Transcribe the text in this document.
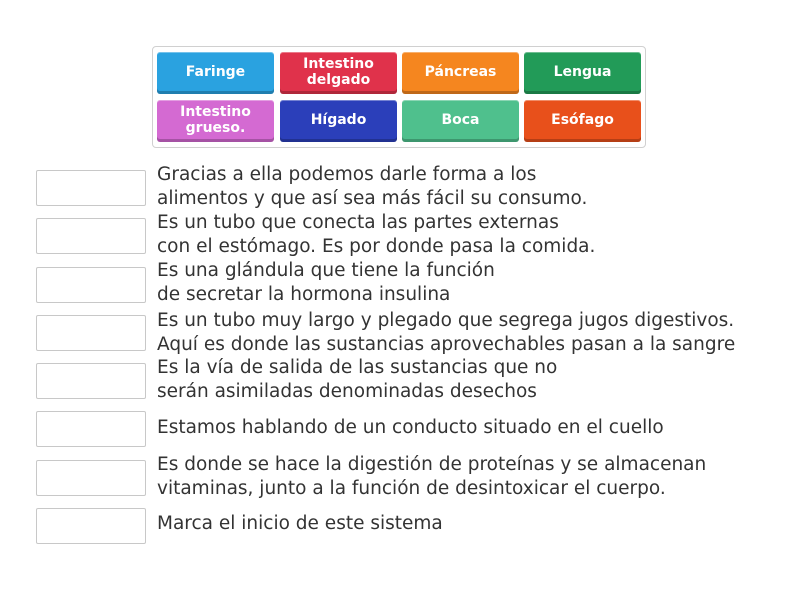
Faringe	Intestino
delgado	Páncreas	Lengua
Intestino
grueso.	Hígado	Boca	Esófago
Gracias a ella podemos darle forma a los
alimentos y que así sea más fácil su consumo.
Es un tubo que conecta las partes externas
con el estómago. Es por donde pasa la comida.
Es una glándula que tiene la función
de secretar la hormona insulina
Es un tubo muy largo y plegado que segrega jugos digestivos.
Aquí es donde las sustancias aprovechables pasan a la sangre
Es la vía de salida de las sustancias que no
serán asimiladas denominadas desechos
Estamos hablando de un conducto situado en el cuello
Es donde se hace la digestión de proteínas y se almacenan
vitaminas, junto a la función de desintoxicar el cuerpo.
Marca el inicio de este sistema
